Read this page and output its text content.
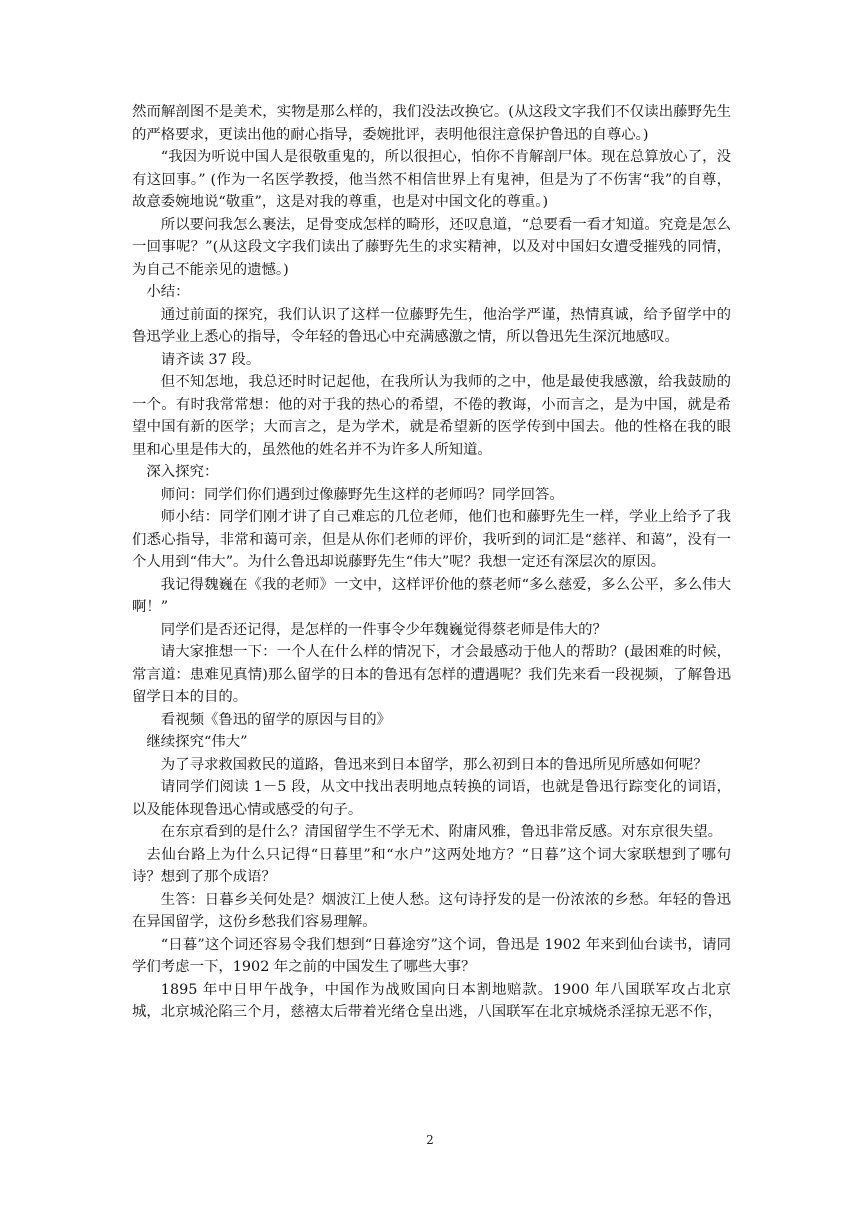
然而解剖图不是美术，实物是那么样的，我们没法改换它。(从这段文字我们不仅读出藤野先生的严格要求，更读出他的耐心指导，委婉批评，表明他很注意保护鲁迅的自尊心。)

“我因为听说中国人是很敬重鬼的，所以很担心，怕你不肯解剖尸体。现在总算放心了，没有这回事。” (作为一名医学教授，他当然不相信世界上有鬼神，但是为了不伤害“我”的自尊，故意委婉地说“敬重”，这是对我的尊重，也是对中国文化的尊重。)

所以要问我怎么裹法，足骨变成怎样的畸形，还叹息道，“总要看一看才知道。究竟是怎么一回事呢？”(从这段文字我们读出了藤野先生的求实精神，以及对中国妇女遭受摧残的同情，为自己不能亲见的遗憾。)

小结：

通过前面的探究，我们认识了这样一位藤野先生，他治学严谨，热情真诚，给予留学中的鲁迅学业上悉心的指导，令年轻的鲁迅心中充满感激之情，所以鲁迅先生深沉地感叹。

请齐读 37 段。

但不知怎地，我总还时时记起他，在我所认为我师的之中，他是最使我感激，给我鼓励的一个。有时我常常想：他的对于我的热心的希望，不倦的教诲，小而言之，是为中国，就是希望中国有新的医学；大而言之，是为学术，就是希望新的医学传到中国去。他的性格在我的眼里和心里是伟大的，虽然他的姓名并不为许多人所知道。

深入探究：

师问：同学们你们遇到过像藤野先生这样的老师吗？同学回答。

师小结：同学们刚才讲了自己难忘的几位老师，他们也和藤野先生一样，学业上给予了我们悉心指导，非常和蔼可亲，但是从你们老师的评价，我听到的词汇是“慈祥、和蔼”，没有一个人用到“伟大”。为什么鲁迅却说藤野先生“伟大”呢？我想一定还有深层次的原因。

我记得魏巍在《我的老师》一文中，这样评价他的蔡老师“多么慈爱，多么公平，多么伟大啊！”

同学们是否还记得，是怎样的一件事令少年魏巍觉得蔡老师是伟大的？

请大家推想一下：一个人在什么样的情况下，才会最感动于他人的帮助？(最困难的时候，常言道：患难见真情)那么留学的日本的鲁迅有怎样的遭遇呢？我们先来看一段视频，了解鲁迅留学日本的目的。

看视频《鲁迅的留学的原因与目的》

继续探究“伟大”

为了寻求救国救民的道路，鲁迅来到日本留学，那么初到日本的鲁迅所见所感如何呢？

请同学们阅读 1－5 段，从文中找出表明地点转换的词语，也就是鲁迅行踪变化的词语，以及能体现鲁迅心情或感受的句子。

在东京看到的是什么？清国留学生不学无术、附庸风雅，鲁迅非常反感。对东京很失望。

去仙台路上为什么只记得“日暮里”和“水户”这两处地方？“日暮”这个词大家联想到了哪句诗？想到了那个成语？

生答：日暮乡关何处是？烟波江上使人愁。这句诗抒发的是一份浓浓的乡愁。年轻的鲁迅在异国留学，这份乡愁我们容易理解。

“日暮”这个词还容易令我们想到“日暮途穷”这个词，鲁迅是 1902 年来到仙台读书，请同学们考虑一下，1902 年之前的中国发生了哪些大事？

1895 年中日甲午战争，中国作为战败国向日本割地赔款。1900 年八国联军攻占北京城，北京城沦陷三个月，慈禧太后带着光绪仓皇出逃，八国联军在北京城烧杀淫掠无恶不作，

2
